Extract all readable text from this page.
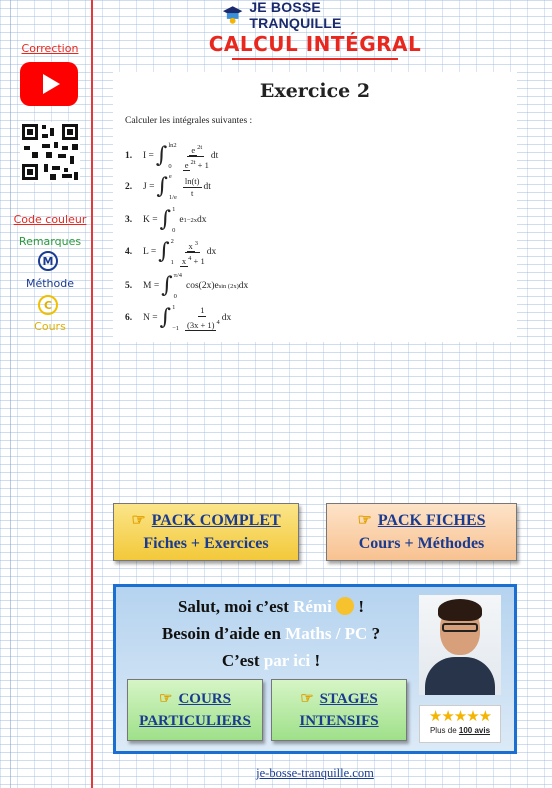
JE BOSSE TRANQUILLE
CALCUL INTÉGRAL
Correction
Code couleur
Remarques
M
Méthode
C
Cours
Exercice 2
Calculer les intégrales suivantes :
1.	I = ∫ ln2
0	$\frac{e ^{2t}}{e ^{2t} + 1}$ dt
2.	J = ∫ e
$1/e \frac{\ln(t)}{t}$ dt
3.	K = ∫ 1
0
e 1−2x dx
4.	L = ∫ 2
$1 \frac{x ^3}{x ^4 + 1}$ dx
5.	M = ∫ π/4
0
cos(2x)e sin (2x) dx
6.	N = ∫ 1
$-1 \frac{1}{(3x + 1) ^4}$ dx
☞ PACK COMPLET
Fiches + Exercices
☞ PACK FICHES
Cours + Méthodes
Salut, moi c’est Rémi  !
Besoin d’aide en Maths / PC ?
C’est par ici !
☞ COURS
PARTICULIERS
☞ STAGES
INTENSIFS	★★★★★
Plus de 100 avis
je-bosse-tranquille.com
